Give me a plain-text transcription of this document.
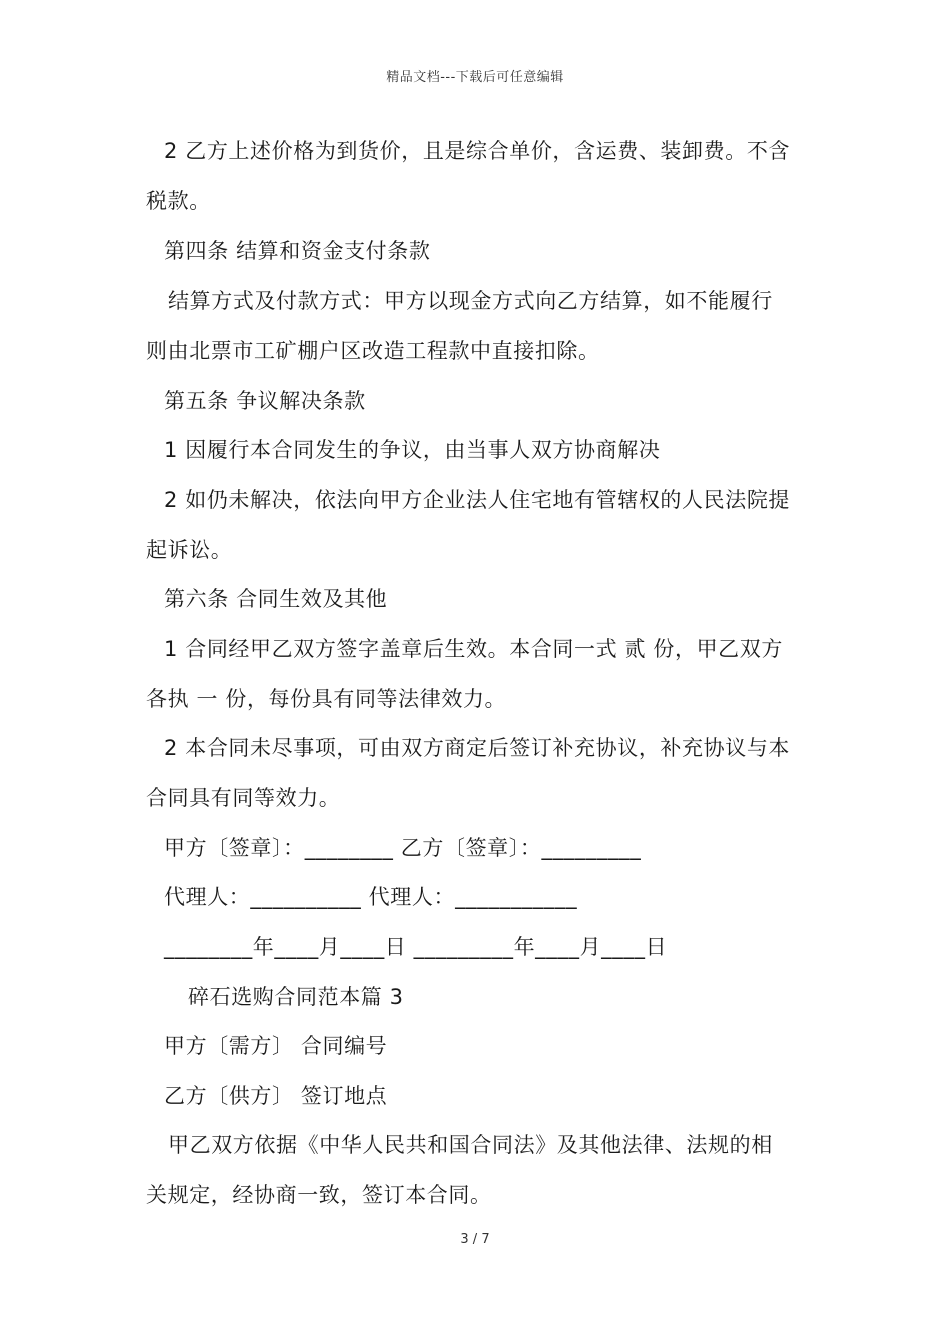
精品文档---下载后可任意编辑
2 乙方上述价格为到货价，且是综合单价，含运费、装卸费。不含
税款。
第四条 结算和资金支付条款
结算方式及付款方式：甲方以现金方式向乙方结算，如不能履行
则由北票市工矿棚户区改造工程款中直接扣除。
第五条 争议解决条款
1 因履行本合同发生的争议，由当事人双方协商解决
2 如仍未解决，依法向甲方企业法人住宅地有管辖权的人民法院提
起诉讼。
第六条 合同生效及其他
1 合同经甲乙双方签字盖章后生效。本合同一式 贰 份，甲乙双方
各执 一 份，每份具有同等法律效力。
2 本合同未尽事项，可由双方商定后签订补充协议，补充协议与本
合同具有同等效力。
甲方〔签章〕：________ 乙方〔签章〕：_________
代理人：__________ 代理人：___________
________年____月____日 _________年____月____日
碎石选购合同范本篇 3
甲方〔需方〕 合同编号
乙方〔供方〕 签订地点
甲乙双方依据《中华人民共和国合同法》及其他法律、法规的相
关规定，经协商一致，签订本合同。
3 / 7
